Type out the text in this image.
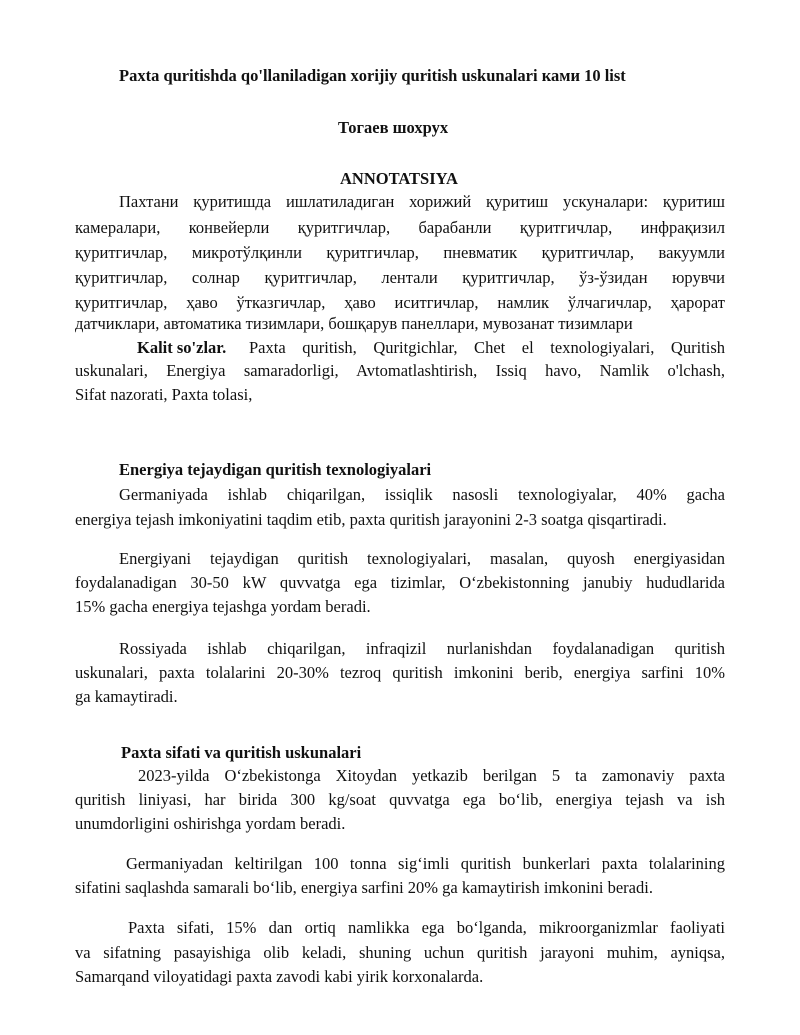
Paxta quritishda qo'llaniladigan xorijiy quritish uskunalari ками 10 list
Тогаев шохрух
ANNOTATSIYA
Пахтани қуритишда ишлатиладиган хорижий қуритиш ускуналари: қуритиш
камералари, конвейерли қуритгичлар, барабанли қуритгичлар, инфрақизил
қуритгичлар, микротўлқинли қуритгичлар, пневматик қуритгичлар, вакуумли
қуритгичлар, солнар қуритгичлар, лентали қуритгичлар, ўз-ўзидан юрувчи
қуритгичлар, ҳаво ўтказгичлар, ҳаво иситгичлар, намлик ўлчагичлар, ҳарорат
датчиклари, автоматика тизимлари, бошқарув панеллари, мувозанат тизимлари
Kalit so'zlar. Paxta quritish, Quritgichlar, Chet el texnologiyalari, Quritish
uskunalari, Energiya samaradorligi, Avtomatlashtirish, Issiq havo, Namlik o'lchash,
Sifat nazorati, Paxta tolasi,
Energiya tejaydigan quritish texnologiyalari
Germaniyada ishlab chiqarilgan, issiqlik nasosli texnologiyalar, 40% gacha
energiya tejash imkoniyatini taqdim etib, paxta quritish jarayonini 2-3 soatga qisqartiradi.
Energiyani tejaydigan quritish texnologiyalari, masalan, quyosh energiyasidan
foydalanadigan 30-50 kW quvvatga ega tizimlar, O‘zbekistonning janubiy hududlarida
15% gacha energiya tejashga yordam beradi.
Rossiyada ishlab chiqarilgan, infraqizil nurlanishdan foydalanadigan quritish
uskunalari, paxta tolalarini 20-30% tezroq quritish imkonini berib, energiya sarfini 10%
ga kamaytiradi.
Paxta sifati va quritish uskunalari
2023-yilda O‘zbekistonga Xitoydan yetkazib berilgan 5 ta zamonaviy paxta
quritish liniyasi, har birida 300 kg/soat quvvatga ega bo‘lib, energiya tejash va ish
unumdorligini oshirishga yordam beradi.
Germaniyadan keltirilgan 100 tonna sig‘imli quritish bunkerlari paxta tolalarining
sifatini saqlashda samarali bo‘lib, energiya sarfini 20% ga kamaytirish imkonini beradi.
Paxta sifati, 15% dan ortiq namlikka ega bo‘lganda, mikroorganizmlar faoliyati
va sifatning pasayishiga olib keladi, shuning uchun quritish jarayoni muhim, ayniqsa,
Samarqand viloyatidagi paxta zavodi kabi yirik korxonalarda.
